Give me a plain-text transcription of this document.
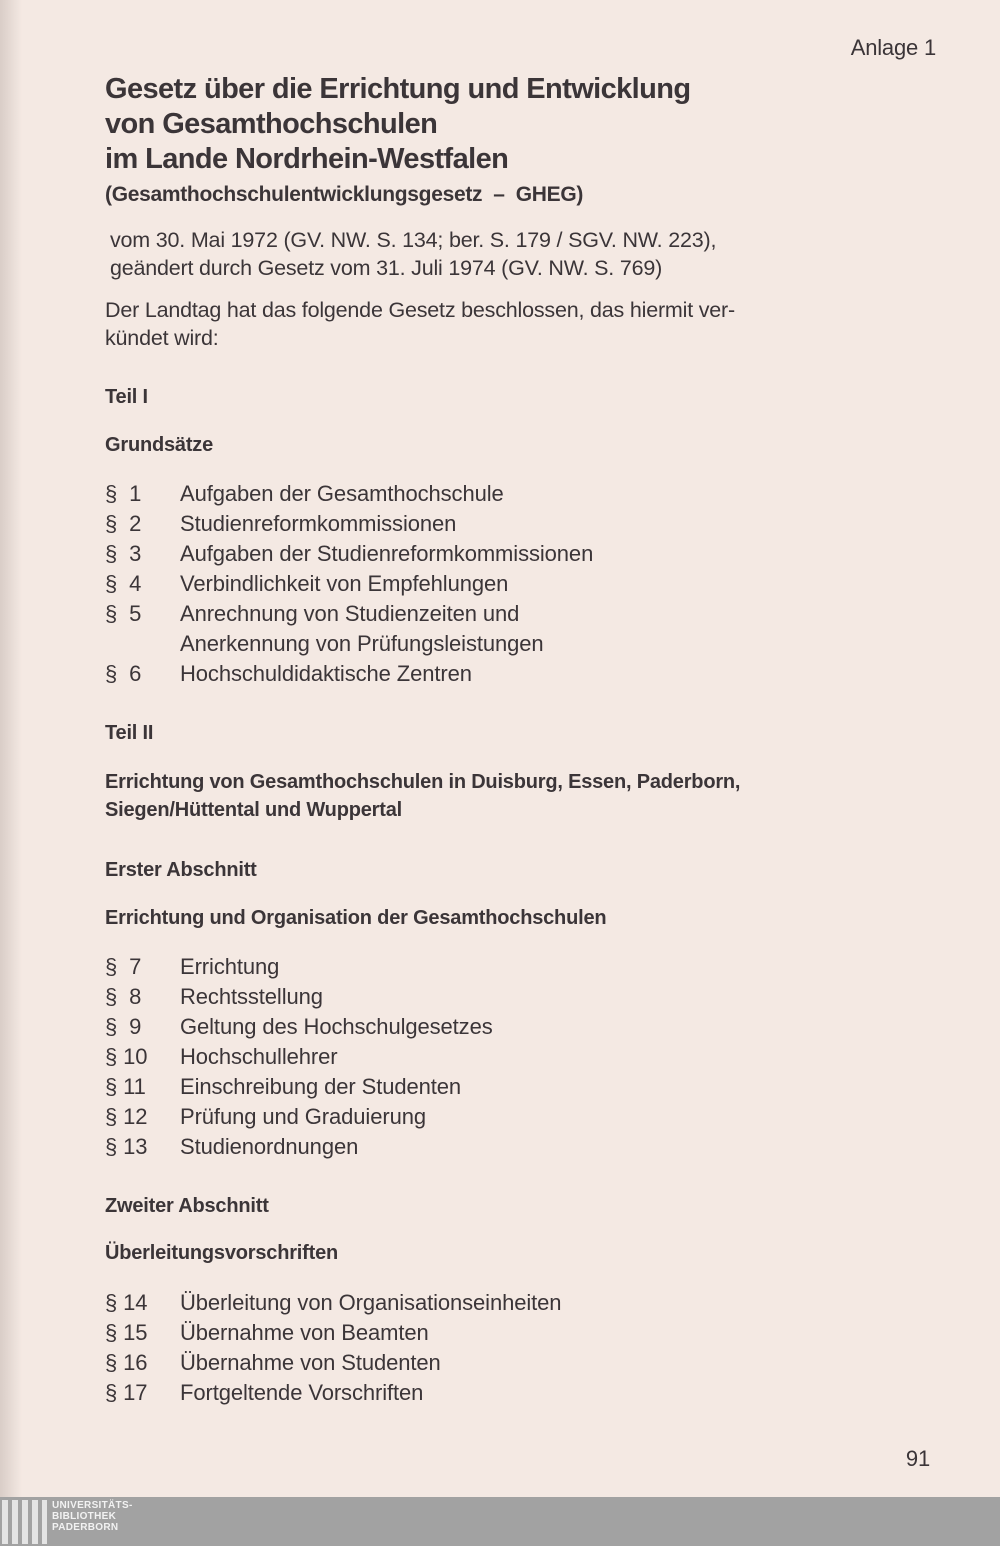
Anlage 1
Gesetz über die Errichtung und Entwicklung
von Gesamthochschulen
im Lande Nordrhein-Westfalen
(Gesamthochschulentwicklungsgesetz  –  GHEG)
vom 30. Mai 1972 (GV. NW. S. 134; ber. S. 179 / SGV. NW. 223),
geändert durch Gesetz vom 31. Juli 1974 (GV. NW. S. 769)
Der Landtag hat das folgende Gesetz beschlossen, das hiermit ver-
kündet wird:
Teil I
Grundsätze
§  1	Aufgaben der Gesamthochschule
§  2	Studienreformkommissionen
§  3	Aufgaben der Studienreformkommissionen
§  4	Verbindlichkeit von Empfehlungen
§  5	Anrechnung von Studienzeiten und
Anerkennung von Prüfungsleistungen
§  6	Hochschuldidaktische Zentren
Teil II
Errichtung von Gesamthochschulen in Duisburg, Essen, Paderborn,
Siegen/Hüttental und Wuppertal
Erster Abschnitt
Errichtung und Organisation der Gesamthochschulen
§  7	Errichtung
§  8	Rechtsstellung
§  9	Geltung des Hochschulgesetzes
§ 10	Hochschullehrer
§ 11	Einschreibung der Studenten
§ 12	Prüfung und Graduierung
§ 13	Studienordnungen
Zweiter Abschnitt
Überleitungsvorschriften
§ 14	Überleitung von Organisationseinheiten
§ 15	Übernahme von Beamten
§ 16	Übernahme von Studenten
§ 17	Fortgeltende Vorschriften
91
UNIVERSITÄTS-
BIBLIOTHEK
PADERBORN
